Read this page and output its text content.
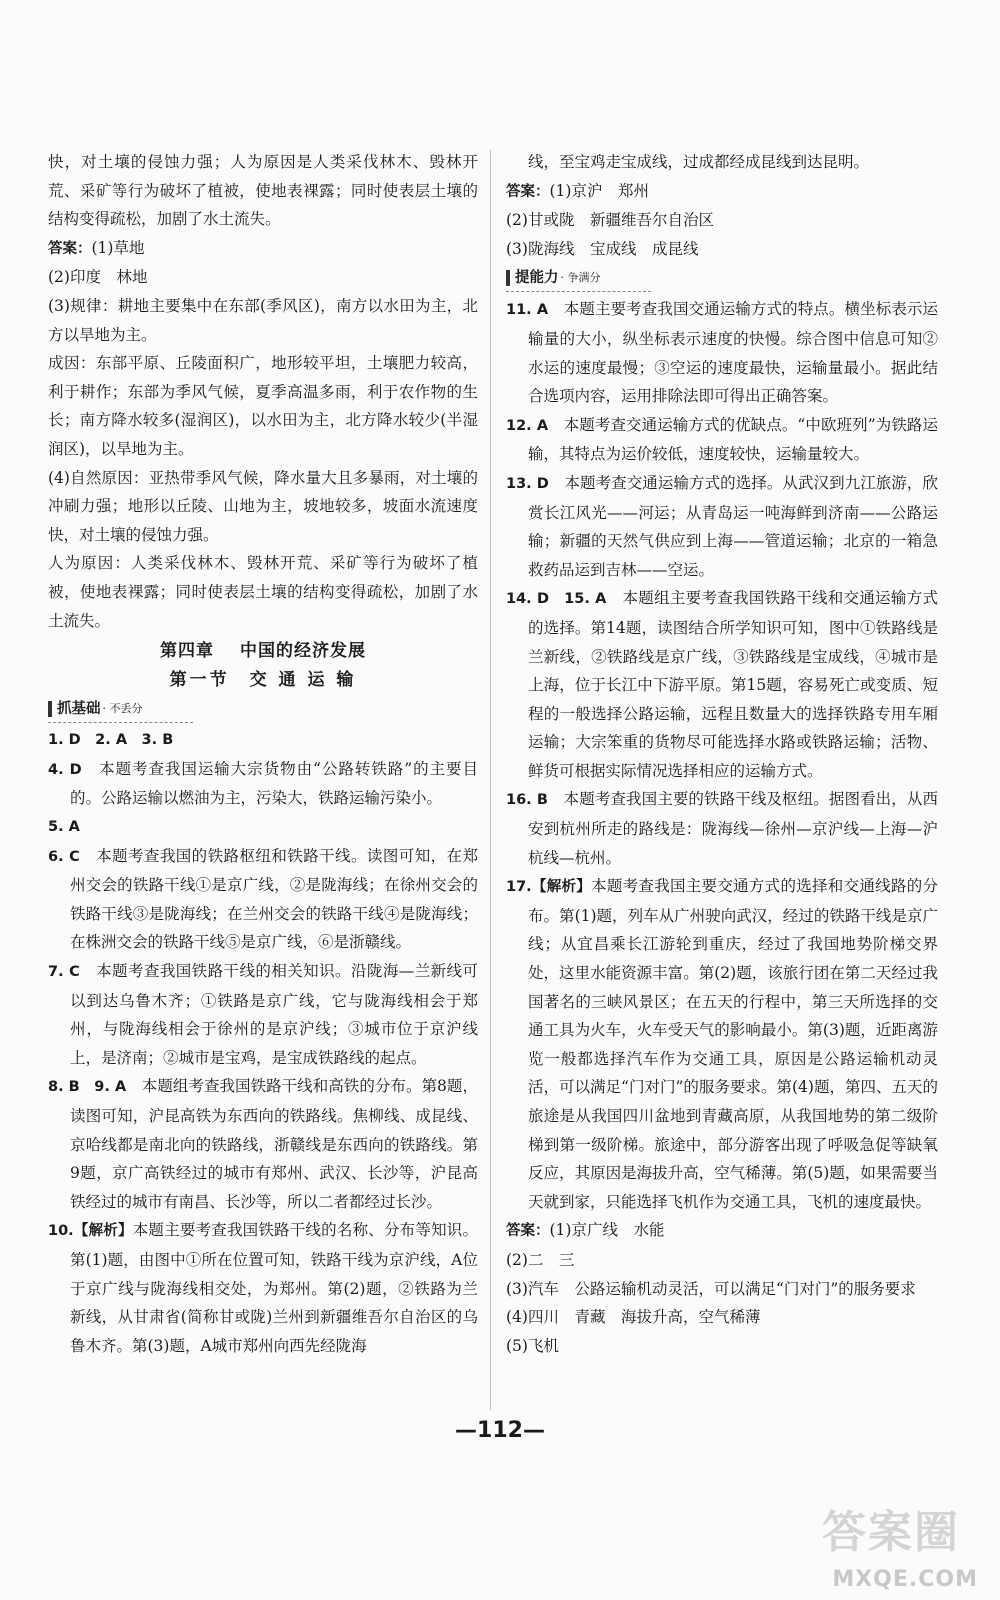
快，对土壤的侵蚀力强；人为原因是人类采伐林木、毁林开荒、采矿等行为破坏了植被，使地表裸露；同时使表层土壤的结构变得疏松，加剧了水土流失。

答案：(1)草地

(2)印度　林地

(3)规律：耕地主要集中在东部(季风区)，南方以水田为主，北方以旱地为主。

成因：东部平原、丘陵面积广，地形较平坦，土壤肥力较高，利于耕作；东部为季风气候，夏季高温多雨，利于农作物的生长；南方降水较多(湿润区)，以水田为主，北方降水较少(半湿润区)，以旱地为主。

(4)自然原因：亚热带季风气候，降水量大且多暴雨，对土壤的冲刷力强；地形以丘陵、山地为主，坡地较多，坡面水流速度快，对土壤的侵蚀力强。

人为原因：人类采伐林木、毁林开荒、采矿等行为破坏了植被，使地表裸露；同时使表层土壤的结构变得疏松，加剧了水土流失。

第四章 中国的经济发展
第一节　交 通 运 输
抓基础 · 不丢分

1. D　2. A　3. B

4. D　 本题考查我国运输大宗货物由“公路转铁路”的主要目的。公路运输以燃油为主，污染大，铁路运输污染小。

5. A

6. C　 本题考查我国的铁路枢纽和铁路干线。读图可知，在郑州交会的铁路干线①是京广线，②是陇海线；在徐州交会的铁路干线③是陇海线；在兰州交会的铁路干线④是陇海线；在株洲交会的铁路干线⑤是京广线，⑥是浙赣线。

7. C　 本题考查我国铁路干线的相关知识。沿陇海—兰新线可以到达乌鲁木齐；①铁路是京广线，它与陇海线相会于郑州，与陇海线相会于徐州的是京沪线；③城市位于京沪线上，是济南；②城市是宝鸡，是宝成铁路线的起点。

8. B　9. A　 本题组考查我国铁路干线和高铁的分布。第8题，读图可知，沪昆高铁为东西向的铁路线。焦柳线、成昆线、京哈线都是南北向的铁路线，浙赣线是东西向的铁路线。第9题，京广高铁经过的城市有郑州、武汉、长沙等，沪昆高铁经过的城市有南昌、长沙等，所以二者都经过长沙。

10.【解析】本题主要考查我国铁路干线的名称、分布等知识。第(1)题，由图中①所在位置可知，铁路干线为京沪线，A位于京广线与陇海线相交处，为郑州。第(2)题，②铁路为兰新线，从甘肃省(简称甘或陇)兰州到新疆维吾尔自治区的乌鲁木齐。第(3)题，A城市郑州向西先经陇海

线，至宝鸡走宝成线，过成都经成昆线到达昆明。

答案：(1)京沪　郑州

(2)甘或陇　新疆维吾尔自治区

(3)陇海线　宝成线　成昆线

提能力 · 争满分

11. A　 本题主要考查我国交通运输方式的特点。横坐标表示运输量的大小，纵坐标表示速度的快慢。综合图中信息可知②水运的速度最慢；③空运的速度最快，运输量最小。据此结合选项内容，运用排除法即可得出正确答案。

12. A　 本题考查交通运输方式的优缺点。“中欧班列”为铁路运输，其特点为运价较低，速度较快，运输量较大。

13. D　 本题考查交通运输方式的选择。从武汉到九江旅游，欣赏长江风光——河运；从青岛运一吨海鲜到济南——公路运输；新疆的天然气供应到上海——管道运输；北京的一箱急救药品运到吉林——空运。

14. D　15. A　 本题组主要考查我国铁路干线和交通运输方式的选择。第14题，读图结合所学知识可知，图中①铁路线是兰新线，②铁路线是京广线，③铁路线是宝成线，④城市是上海，位于长江中下游平原。第15题，容易死亡或变质、短程的一般选择公路运输，远程且数量大的选择铁路专用车厢运输；大宗笨重的货物尽可能选择水路或铁路运输；活物、鲜货可根据实际情况选择相应的运输方式。

16. B　 本题考查我国主要的铁路干线及枢纽。据图看出，从西安到杭州所走的路线是：陇海线—徐州—京沪线—上海—沪杭线—杭州。

17.【解析】本题考查我国主要交通方式的选择和交通线路的分布。第(1)题，列车从广州驶向武汉，经过的铁路干线是京广线；从宜昌乘长江游轮到重庆，经过了我国地势阶梯交界处，这里水能资源丰富。第(2)题，该旅行团在第二天经过我国著名的三峡风景区；在五天的行程中，第三天所选择的交通工具为火车，火车受天气的影响最小。第(3)题，近距离游览一般都选择汽车作为交通工具，原因是公路运输机动灵活，可以满足“门对门”的服务要求。第(4)题，第四、五天的旅途是从我国四川盆地到青藏高原，从我国地势的第二级阶梯到第一级阶梯。旅途中，部分游客出现了呼吸急促等缺氧反应，其原因是海拔升高，空气稀薄。第(5)题，如果需要当天就到家，只能选择飞机作为交通工具，飞机的速度最快。

答案：(1)京广线　水能

(2)二　三

(3)汽车　公路运输机动灵活，可以满足“门对门”的服务要求

(4)四川　青藏　海拔升高，空气稀薄

(5)飞机

—112—
答案圈
MXQE.COM
